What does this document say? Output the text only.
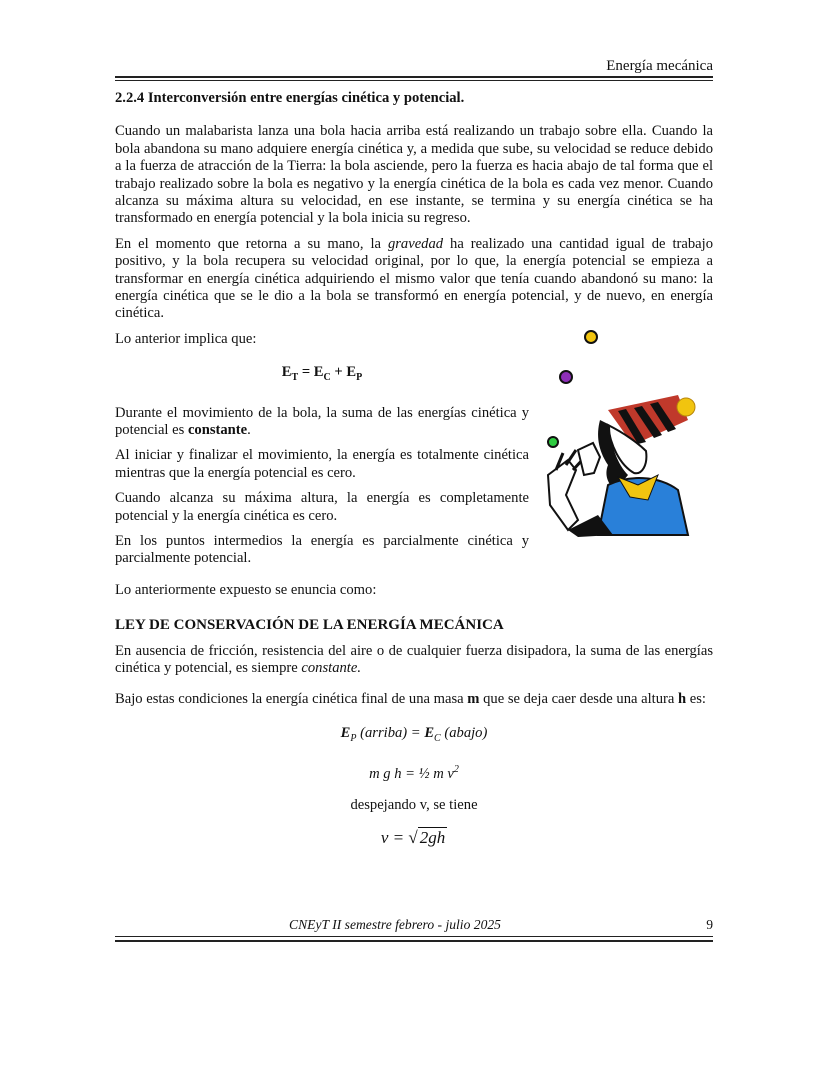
Energía mecánica
2.2.4 Interconversión entre energías cinética y potencial.

Cuando un malabarista lanza una bola hacia arriba está realizando un trabajo sobre ella. Cuando la bola abandona su mano adquiere energía cinética y, a medida que sube, su velocidad se reduce debido a la fuerza de atracción de la Tierra: la bola asciende, pero la fuerza es hacia abajo de tal forma que el trabajo realizado sobre la bola es negativo y la energía cinética de la bola es cada vez menor. Cuando alcanza su máxima altura su velocidad, en ese instante, se termina y su energía cinética se ha transformado en energía potencial y la bola inicia su regreso.

En el momento que retorna a su mano, la gravedad ha realizado una cantidad igual de trabajo positivo, y la bola recupera su velocidad original, por lo que, la energía potencial se empieza a transformar en energía cinética adquiriendo el mismo valor que tenía cuando abandonó su mano: la energía cinética que se le dio a la bola se transformó en energía potencial, y de nuevo, en energía cinética.

Lo anterior implica que:

$E_T = E_C + E_P$

Durante el movimiento de la bola, la suma de las energías cinética y potencial es constante.

Al iniciar y finalizar el movimiento, la energía es totalmente cinética mientras que la energía potencial es cero.

Cuando alcanza su máxima altura, la energía es completamente potencial y la energía cinética es cero.

En los puntos intermedios la energía es parcialmente cinética y parcialmente potencial.

Lo anteriormente expuesto se enuncia como:

LEY DE CONSERVACIÓN DE LA ENERGÍA MECÁNICA

En ausencia de fricción, resistencia del aire o de cualquier fuerza disipadora, la suma de las energías cinética y potencial, es siempre constante.

Bajo estas condiciones la energía cinética final de una masa m que se deja caer desde una altura h es:

$E_P$ (arriba) = $E_C$ (abajo)

m g h = ½ m $v^2$

despejando v, se tiene

v = √ 2gh

CNEyT II semestre febrero - julio 2025	9
